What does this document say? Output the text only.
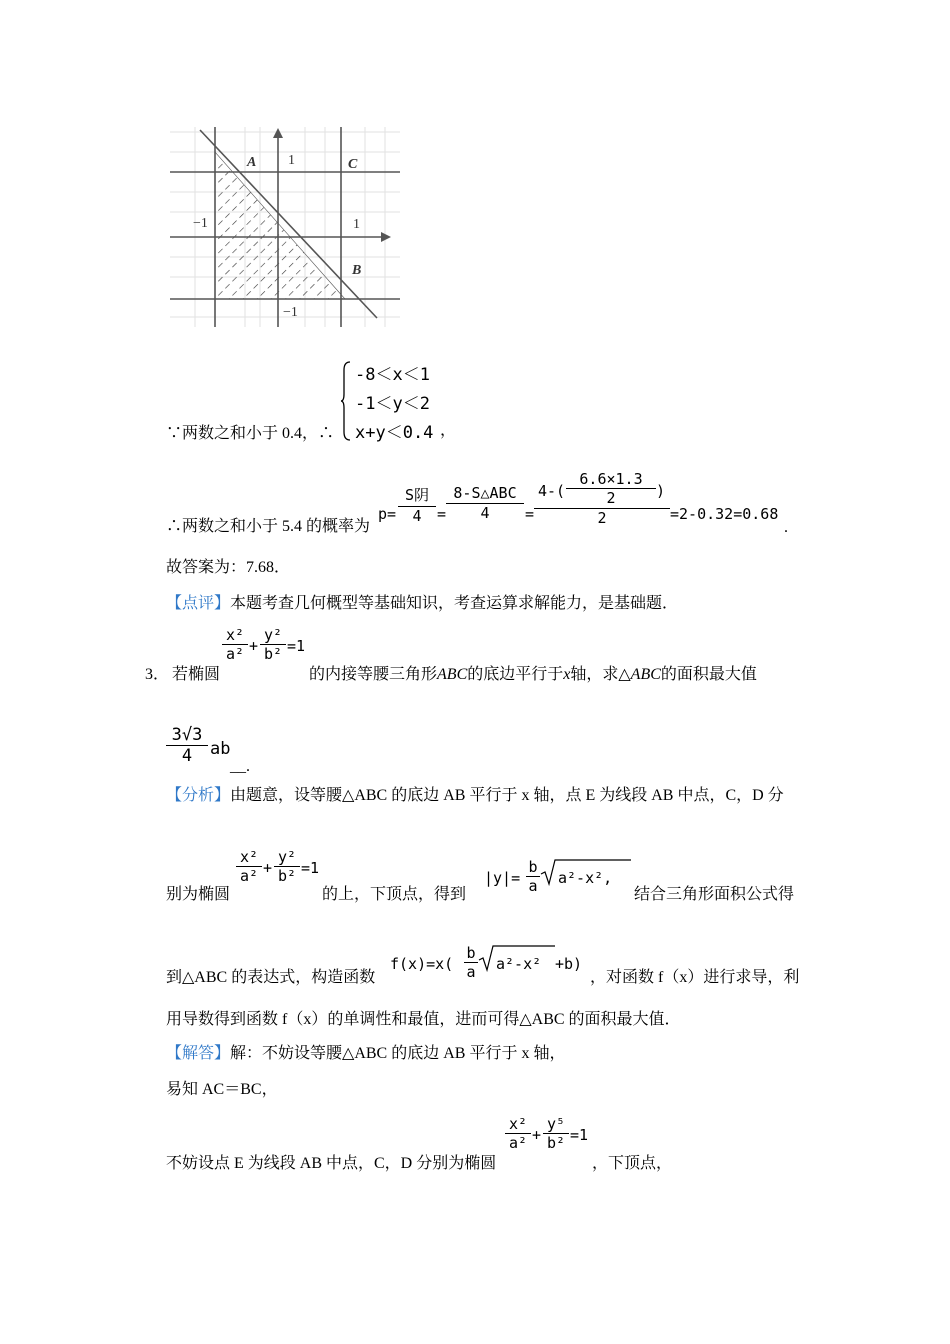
A 1	C
−1	1
B
−1
∵两数之和小于 0.4，∴
-8＜x＜1
-1＜y＜2
x+y＜0.4 ，
∴两数之和小于 5.4 的概率为
p=
S阴
4	=
8-S△ABC
4	= $\frac{4-( \frac{6.6\times 1.3}{2} )}{2} =2-0.32=0.68$
.
故答案为：7.68．
【点评】本题考查几何概型等基础知识，考查运算求解能力，是基础题．
3． 若椭圆
$\frac{\text{x²}}{\text{a²}} + \frac{\text{y²}}{\text{b²}} =1$
的内接等腰三角形ABC的底边平行于x轴，求△ABC的面积最大值
$\frac{3√3}{4}$ ab
__.
【分析】由题意，设等腰△ABC 的底边 AB 平行于 x 轴，点 E 为线段 AB 中点，C，D 分
别为椭圆
$\frac{\text{x²}}{\text{a²}} + \frac{\text{y²}}{\text{b²}} =1$
的上，下顶点，得到
$|y|= \frac{b}{a} a^2-x^2$,
结合三角形面积公式得
到△ABC 的表达式，构造函数
$f(x)=x( \frac{b}{a} a^2-x^2 +b)$
，对函数 f（x）进行求导，利
用导数得到函数 f（x）的单调性和最值，进而可得△ABC 的面积最大值．
【解答】解：不妨设等腰△ABC 的底边 AB 平行于 x 轴，
易知 AC＝BC，
不妨设点 E 为线段 AB 中点，C，D 分别为椭圆
$\frac{\text{x²}}{\text{a²}} + \frac{\text{y⁵}}{\text{b²}} =1$
，下顶点，
